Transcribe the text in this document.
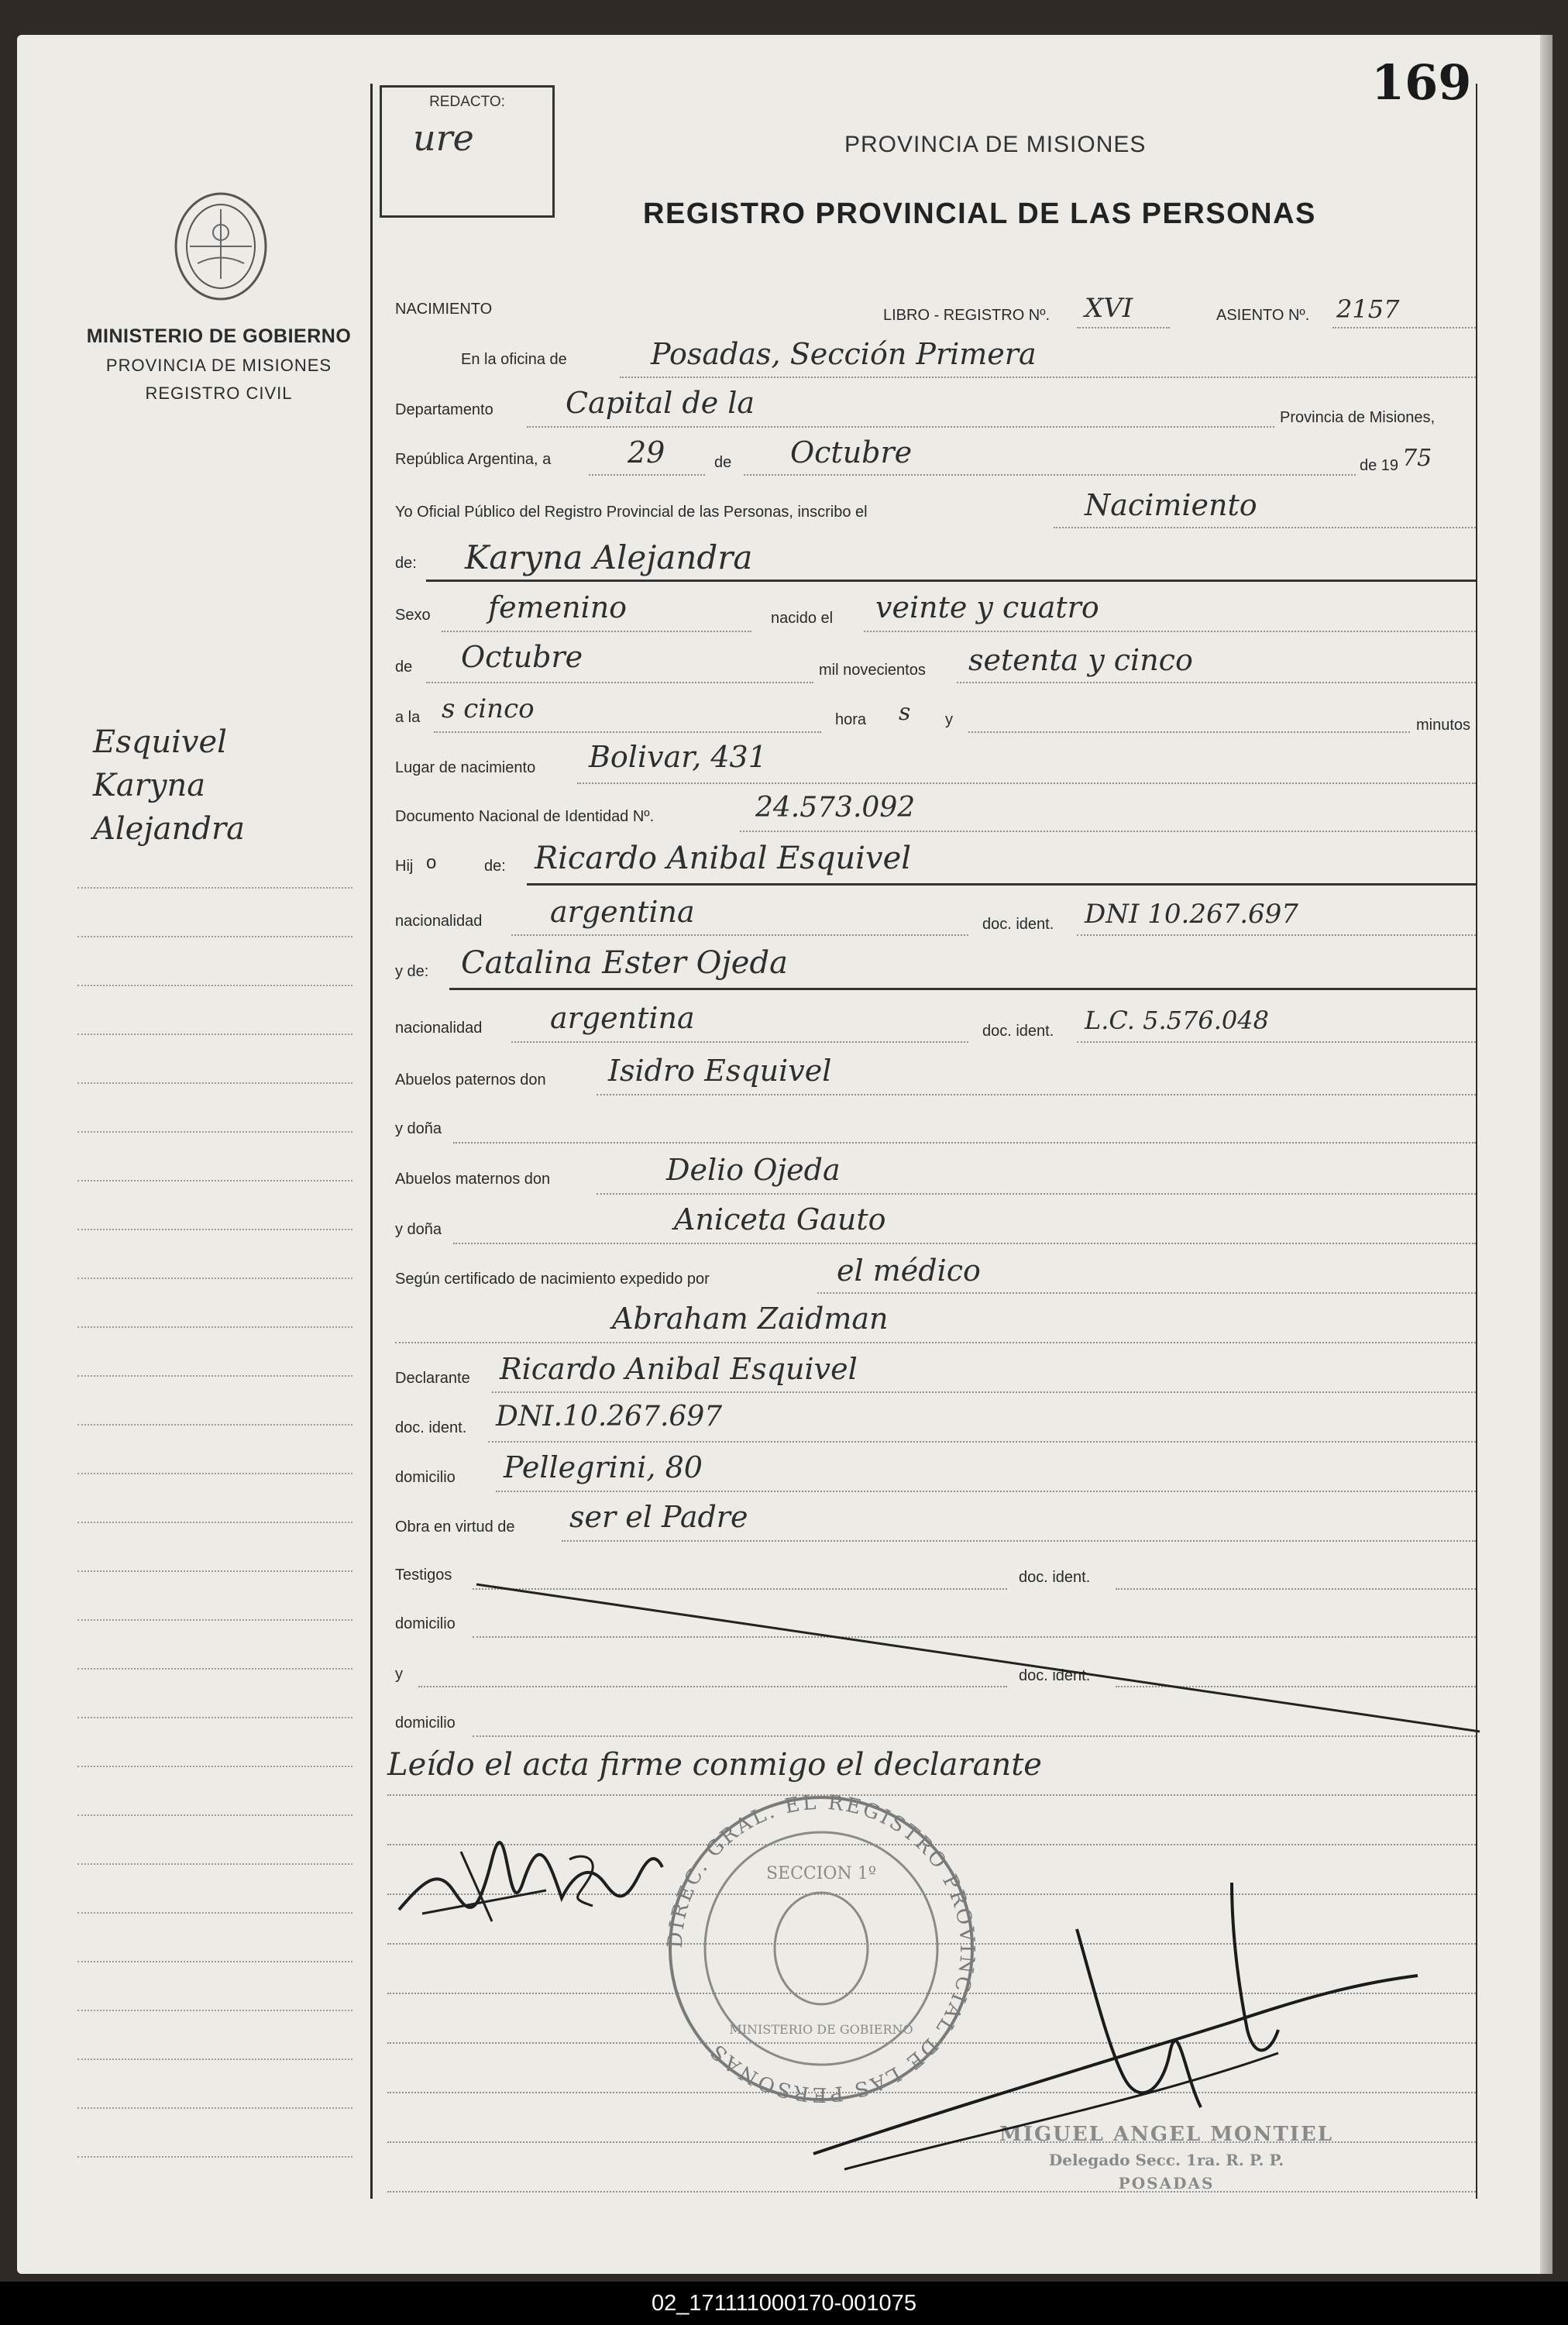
MINISTERIO DE GOBIERNO
PROVINCIA DE MISIONES
REGISTRO CIVIL
Esquivel
Karyna
Alejandra
REDACTO:
ure
169
PROVINCIA DE MISIONES
REGISTRO PROVINCIAL DE LAS PERSONAS
NACIMIENTO	LIBRO - REGISTRO Nº. XVI	ASIENTO Nº. 2157
En la oficina de	Posadas, Sección Primera
Departamento Capital de la	Provincia de Misiones,
República Argentina, a	29	de Octubre	de 19 75
Yo Oficial Público del Registro Provincial de las Personas, inscribo el	Nacimiento
de: Karyna Alejandra
Sexo femenino	nacido el veinte y cuatro
de Octubre	mil novecientos setenta y cinco
a la s cinco	hora s y	minutos
Lugar de nacimiento Bolivar, 431
Documento Nacional de Identidad Nº.	24.573.092
Hij o	de: Ricardo Anibal Esquivel
nacionalidad argentina	doc. ident. DNI 10.267.697
y de: Catalina Ester Ojeda
nacionalidad argentina	doc. ident. L.C. 5.576.048
Abuelos paternos don Isidro Esquivel
y doña
Abuelos maternos don	Delio Ojeda
y doña	Aniceta Gauto
Según certificado de nacimiento expedido por	el médico
Abraham Zaidman
Declarante Ricardo Anibal Esquivel
doc. ident. DNI.10.267.697
domicilio Pellegrini, 80
Obra en virtud de ser el Padre
Testigos	doc. ident.
domicilio
y	doc. ident.
domicilio
Leído el acta firme conmigo el declarante
DIREC. GRAL. EL REGISTRO PROVINCIAL DE LAS PERSONAS
SECCION 1º
MINISTERIO DE GOBIERNO
MIGUEL ANGEL MONTIEL
Delegado Secc. 1ra. R. P. P.
POSADAS
02_171111000170-001075
